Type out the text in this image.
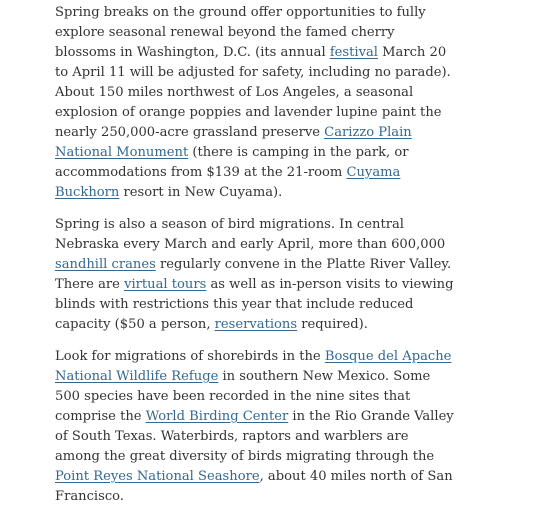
Spring breaks on the ground offer opportunities to fully explore seasonal renewal beyond the famed cherry blossoms in Washington, D.C. (its annual festival March 20 to April 11 will be adjusted for safety, including no parade). About 150 miles northwest of Los Angeles, a seasonal explosion of orange poppies and lavender lupine paint the nearly 250,000-acre grassland preserve Carizzo Plain National Monument (there is camping in the park, or accommodations from $139 at the 21-room Cuyama Buckhorn resort in New Cuyama).

Spring is also a season of bird migrations. In central Nebraska every March and early April, more than 600,000 sandhill cranes regularly convene in the Platte River Valley. There are virtual tours as well as in-person visits to viewing blinds with restrictions this year that include reduced capacity ($50 a person, reservations required).

Look for migrations of shorebirds in the Bosque del Apache National Wildlife Refuge in southern New Mexico. Some 500 species have been recorded in the nine sites that comprise the World Birding Center in the Rio Grande Valley of South Texas. Waterbirds, raptors and warblers are among the great diversity of birds migrating through the Point Reyes National Seashore, about 40 miles north of San Francisco.
